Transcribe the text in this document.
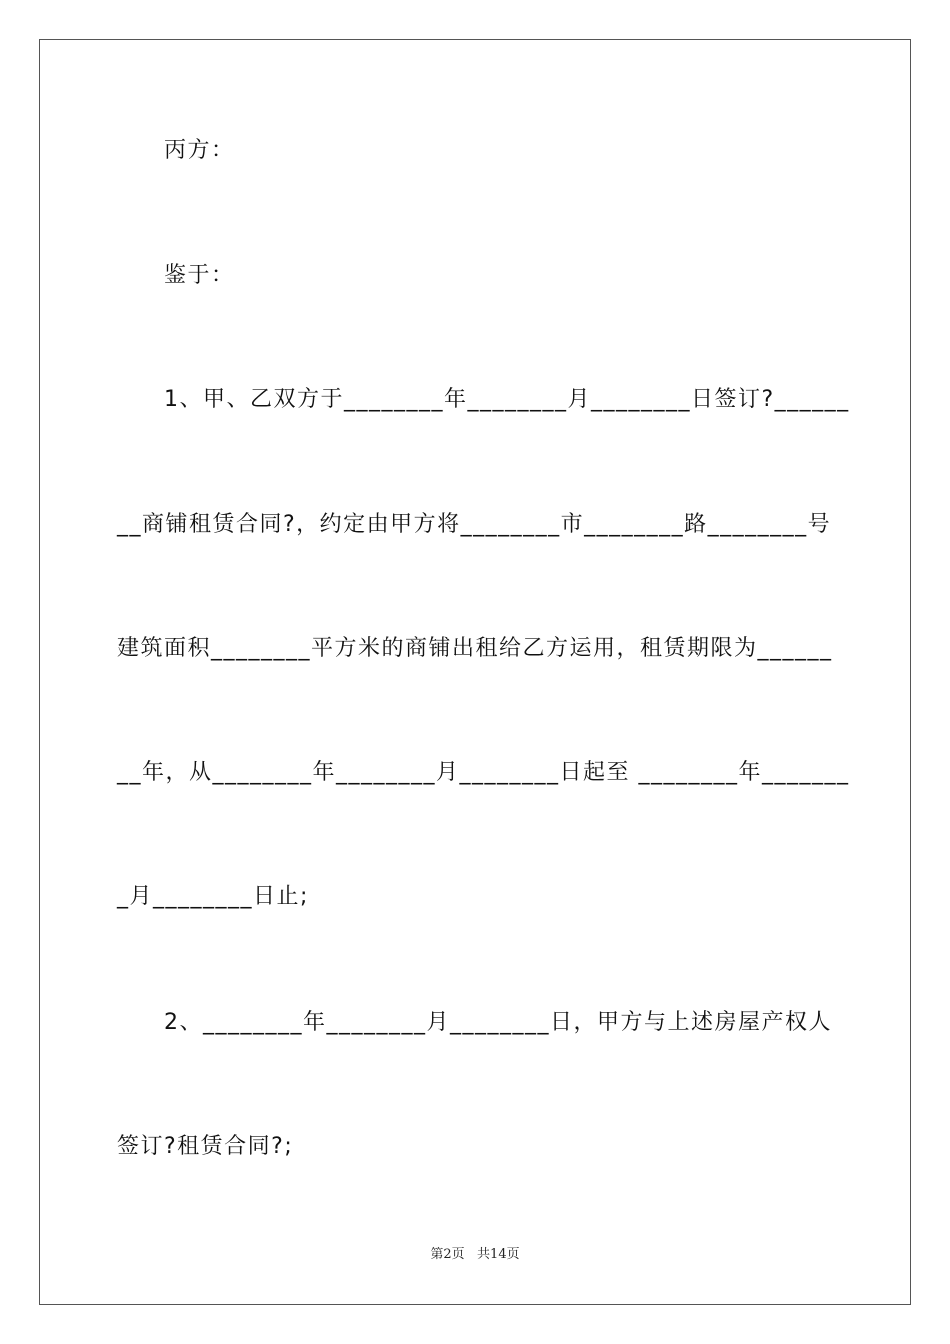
丙方：
鉴于：
1、甲、乙双方于________年________月________日签订?______
__商铺租赁合同?，约定由甲方将________市________路________号
建筑面积________平方米的商铺出租给乙方运用，租赁期限为______
__年，从________年________月________日起至 ________年_______
_月________日止;
2、________年________月________日，甲方与上述房屋产权人
签订?租赁合同?;
第2页   共14页
